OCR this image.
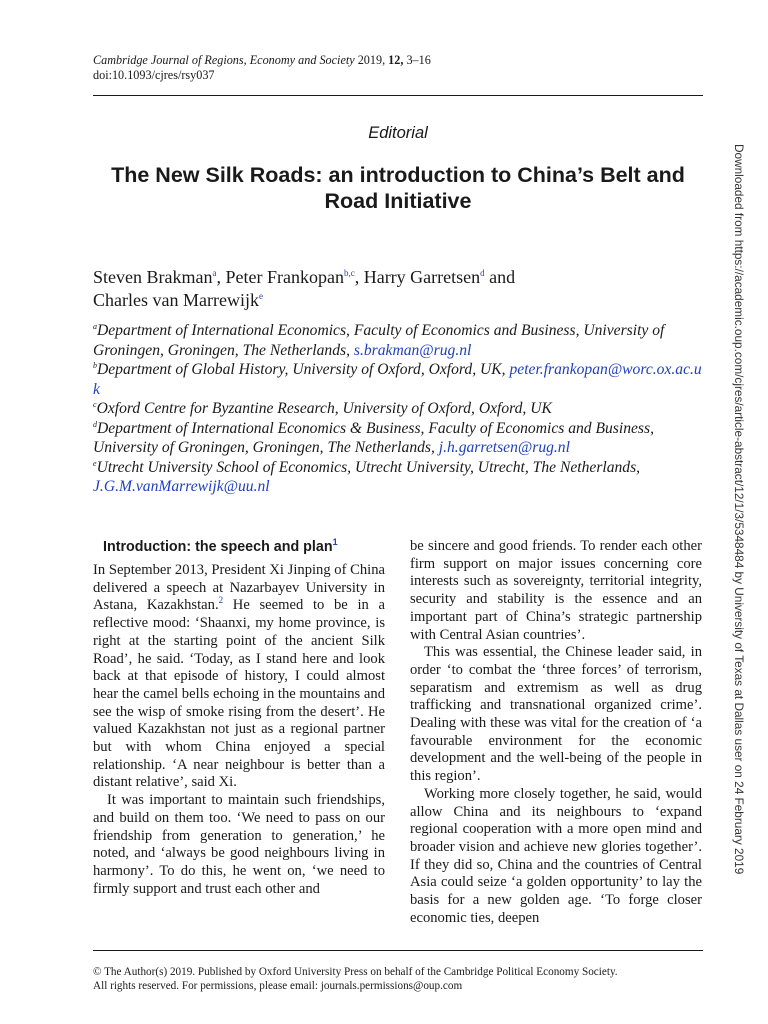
Cambridge Journal of Regions, Economy and Society 2019, 12, 3–16
doi:10.1093/cjres/rsy037
Editorial
The New Silk Roads: an introduction to China’s Belt and Road Initiative
Steven Brakman$^a$, Peter Frankopan$^{b,c}$, Harry Garretsen$^d$ and
Charles van Marrewijk$^e$

$^a$Department of International Economics, Faculty of Economics and Business, University of Groningen, Groningen, The Netherlands, s.brakman@rug.nl

$^b$Department of Global History, University of Oxford, Oxford, UK, peter.frankopan@worc.ox.ac.uk

$^c$Oxford Centre for Byzantine Research, University of Oxford, Oxford, UK

$^d$Department of International Economics & Business, Faculty of Economics and Business, University of Groningen, Groningen, The Netherlands, j.h.garretsen@rug.nl

$^e$Utrecht University School of Economics, Utrecht University, Utrecht, The Netherlands, J.G.M.vanMarrewijk@uu.nl

Introduction: the speech and plan$^1$

In September 2013, President Xi Jinping of China delivered a speech at Nazarbayev University in Astana, Kazakhstan.$^2$ He seemed to be in a reflective mood: ‘Shaanxi, my home province, is right at the starting point of the ancient Silk Road’, he said. ‘Today, as I stand here and look back at that episode of history, I could almost hear the camel bells echoing in the mountains and see the wisp of smoke rising from the desert’. He valued Kazakhstan not just as a regional partner but with whom China enjoyed a special relationship. ‘A near neighbour is better than a distant relative’, said Xi.

It was important to maintain such friendships, and build on them too. ‘We need to pass on our friendship from generation to generation,’ he noted, and ‘always be good neighbours living in harmony’. To do this, he went on, ‘we need to firmly support and trust each other and

be sincere and good friends. To render each other firm support on major issues concerning core interests such as sovereignty, territorial integrity, security and stability is the essence and an important part of China’s strategic partnership with Central Asian countries’.

This was essential, the Chinese leader said, in order ‘to combat the ‘three forces’ of terrorism, separatism and extremism as well as drug trafficking and transnational organized crime’. Dealing with these was vital for the creation of ‘a favourable environment for the economic development and the well-being of the people in this region’.

Working more closely together, he said, would allow China and its neighbours to ‘expand regional cooperation with a more open mind and broader vision and achieve new glories together’. If they did so, China and the countries of Central Asia could seize ‘a golden opportunity’ to lay the basis for a new golden age. ‘To forge closer economic ties, deepen

© The Author(s) 2019. Published by Oxford University Press on behalf of the Cambridge Political Economy Society.
All rights reserved. For permissions, please email: journals.permissions@oup.com
Downloaded from https://academic.oup.com/cjres/article-abstract/12/1/3/5348484 by University of Texas at Dallas user on 24 February 2019
